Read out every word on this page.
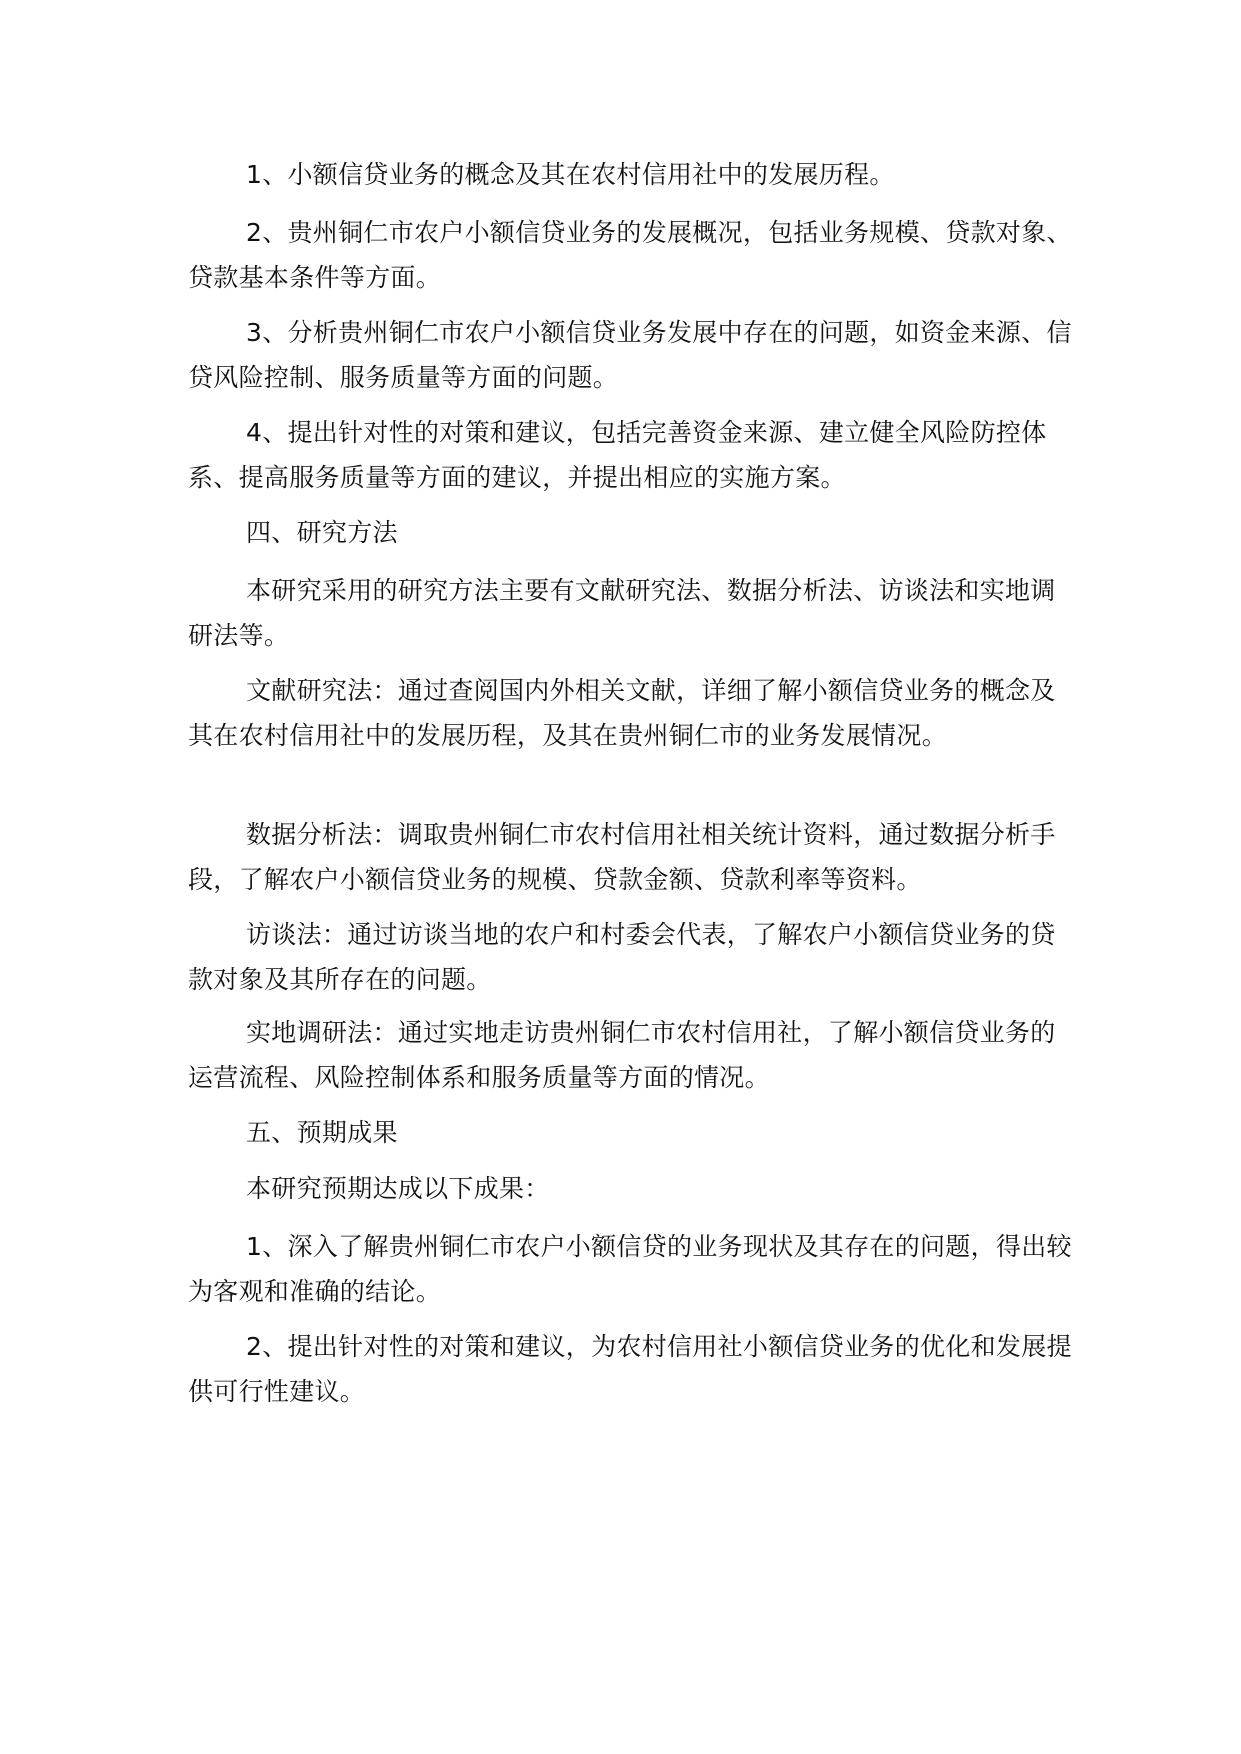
1、小额信贷业务的概念及其在农村信用社中的发展历程。

2、贵州铜仁市农户小额信贷业务的发展概况，包括业务规模、贷款对象、贷款基本条件等方面。

3、分析贵州铜仁市农户小额信贷业务发展中存在的问题，如资金来源、信贷风险控制、服务质量等方面的问题。

4、提出针对性的对策和建议，包括完善资金来源、建立健全风险防控体系、提高服务质量等方面的建议，并提出相应的实施方案。

四、研究方法

本研究采用的研究方法主要有文献研究法、数据分析法、访谈法和实地调研法等。

文献研究法：通过查阅国内外相关文献，详细了解小额信贷业务的概念及其在农村信用社中的发展历程，及其在贵州铜仁市的业务发展情况。

数据分析法：调取贵州铜仁市农村信用社相关统计资料，通过数据分析手段，了解农户小额信贷业务的规模、贷款金额、贷款利率等资料。

访谈法：通过访谈当地的农户和村委会代表，了解农户小额信贷业务的贷款对象及其所存在的问题。

实地调研法：通过实地走访贵州铜仁市农村信用社，了解小额信贷业务的运营流程、风险控制体系和服务质量等方面的情况。

五、预期成果

本研究预期达成以下成果：

1、深入了解贵州铜仁市农户小额信贷的业务现状及其存在的问题，得出较为客观和准确的结论。

2、提出针对性的对策和建议，为农村信用社小额信贷业务的优化和发展提供可行性建议。
